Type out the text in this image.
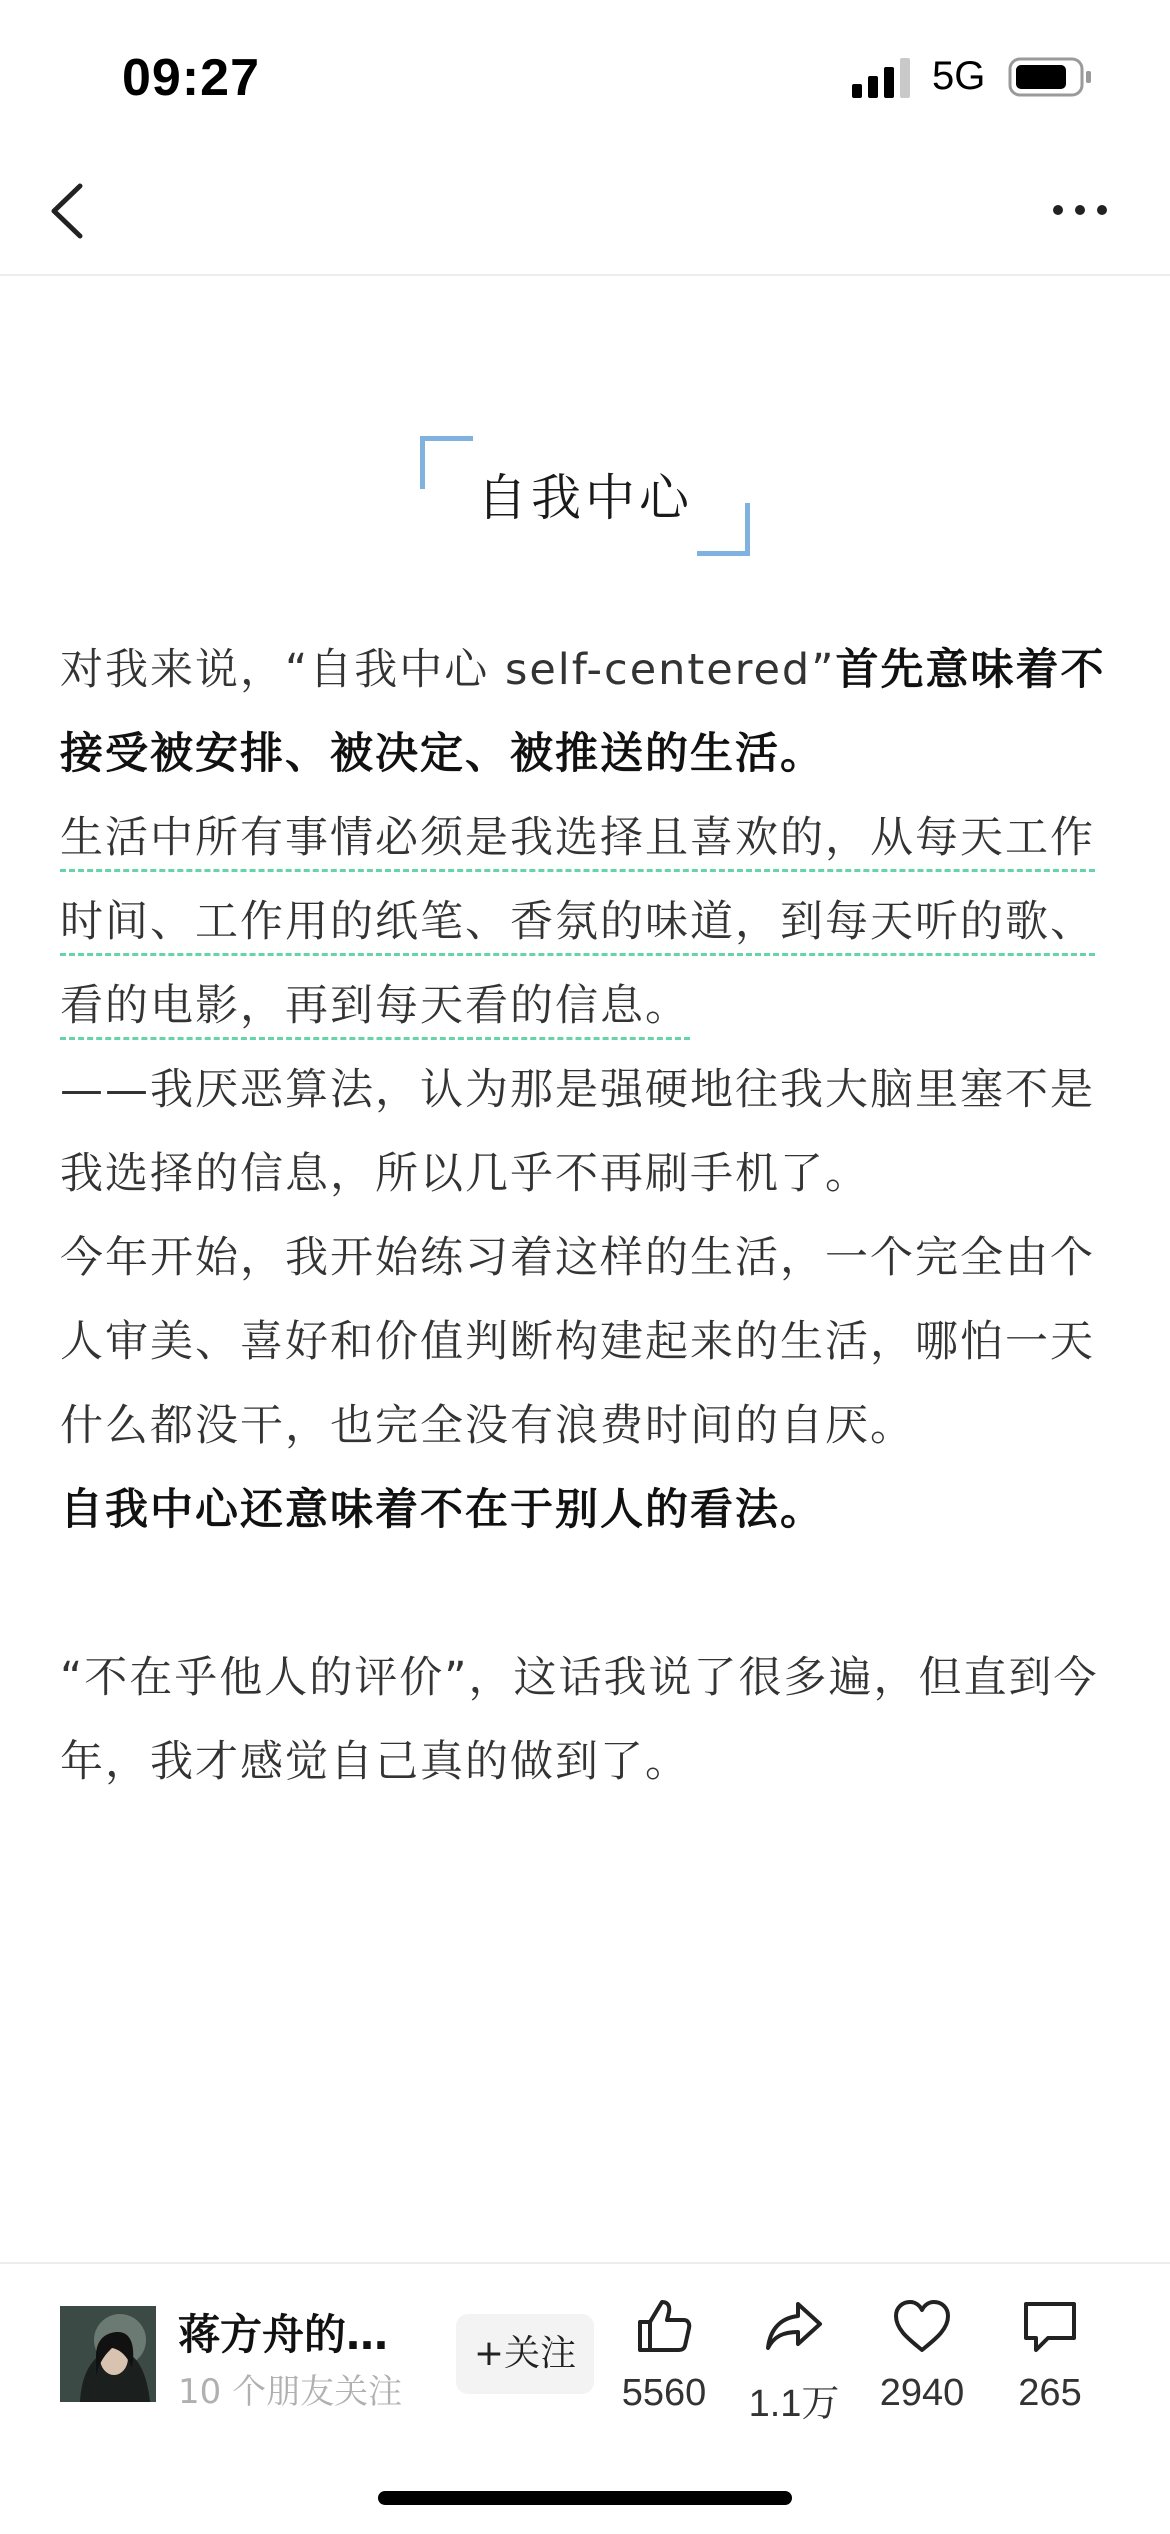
09:27	5G
自我中心
对我来说，“自我中心 self-centered”首先意味着不接受被安排、被决定、被推送的生活。
生活中所有事情必须是我选择且喜欢的，从每天工作时间、工作用的纸笔、香氛的味道，到每天听的歌、看的电影，再到每天看的信息。
——我厌恶算法，认为那是强硬地往我大脑里塞不是我选择的信息，所以几乎不再刷手机了。
今年开始，我开始练习着这样的生活，一个完全由个人审美、喜好和价值判断构建起来的生活，哪怕一天什么都没干，也完全没有浪费时间的自厌。
自我中心还意味着不在于别人的看法。
“不在乎他人的评价”，这话我说了很多遍，但直到今年，我才感觉自己真的做到了。
蒋方舟的…
10 个朋友关注
+关注
5560	1.1万	2940	265
